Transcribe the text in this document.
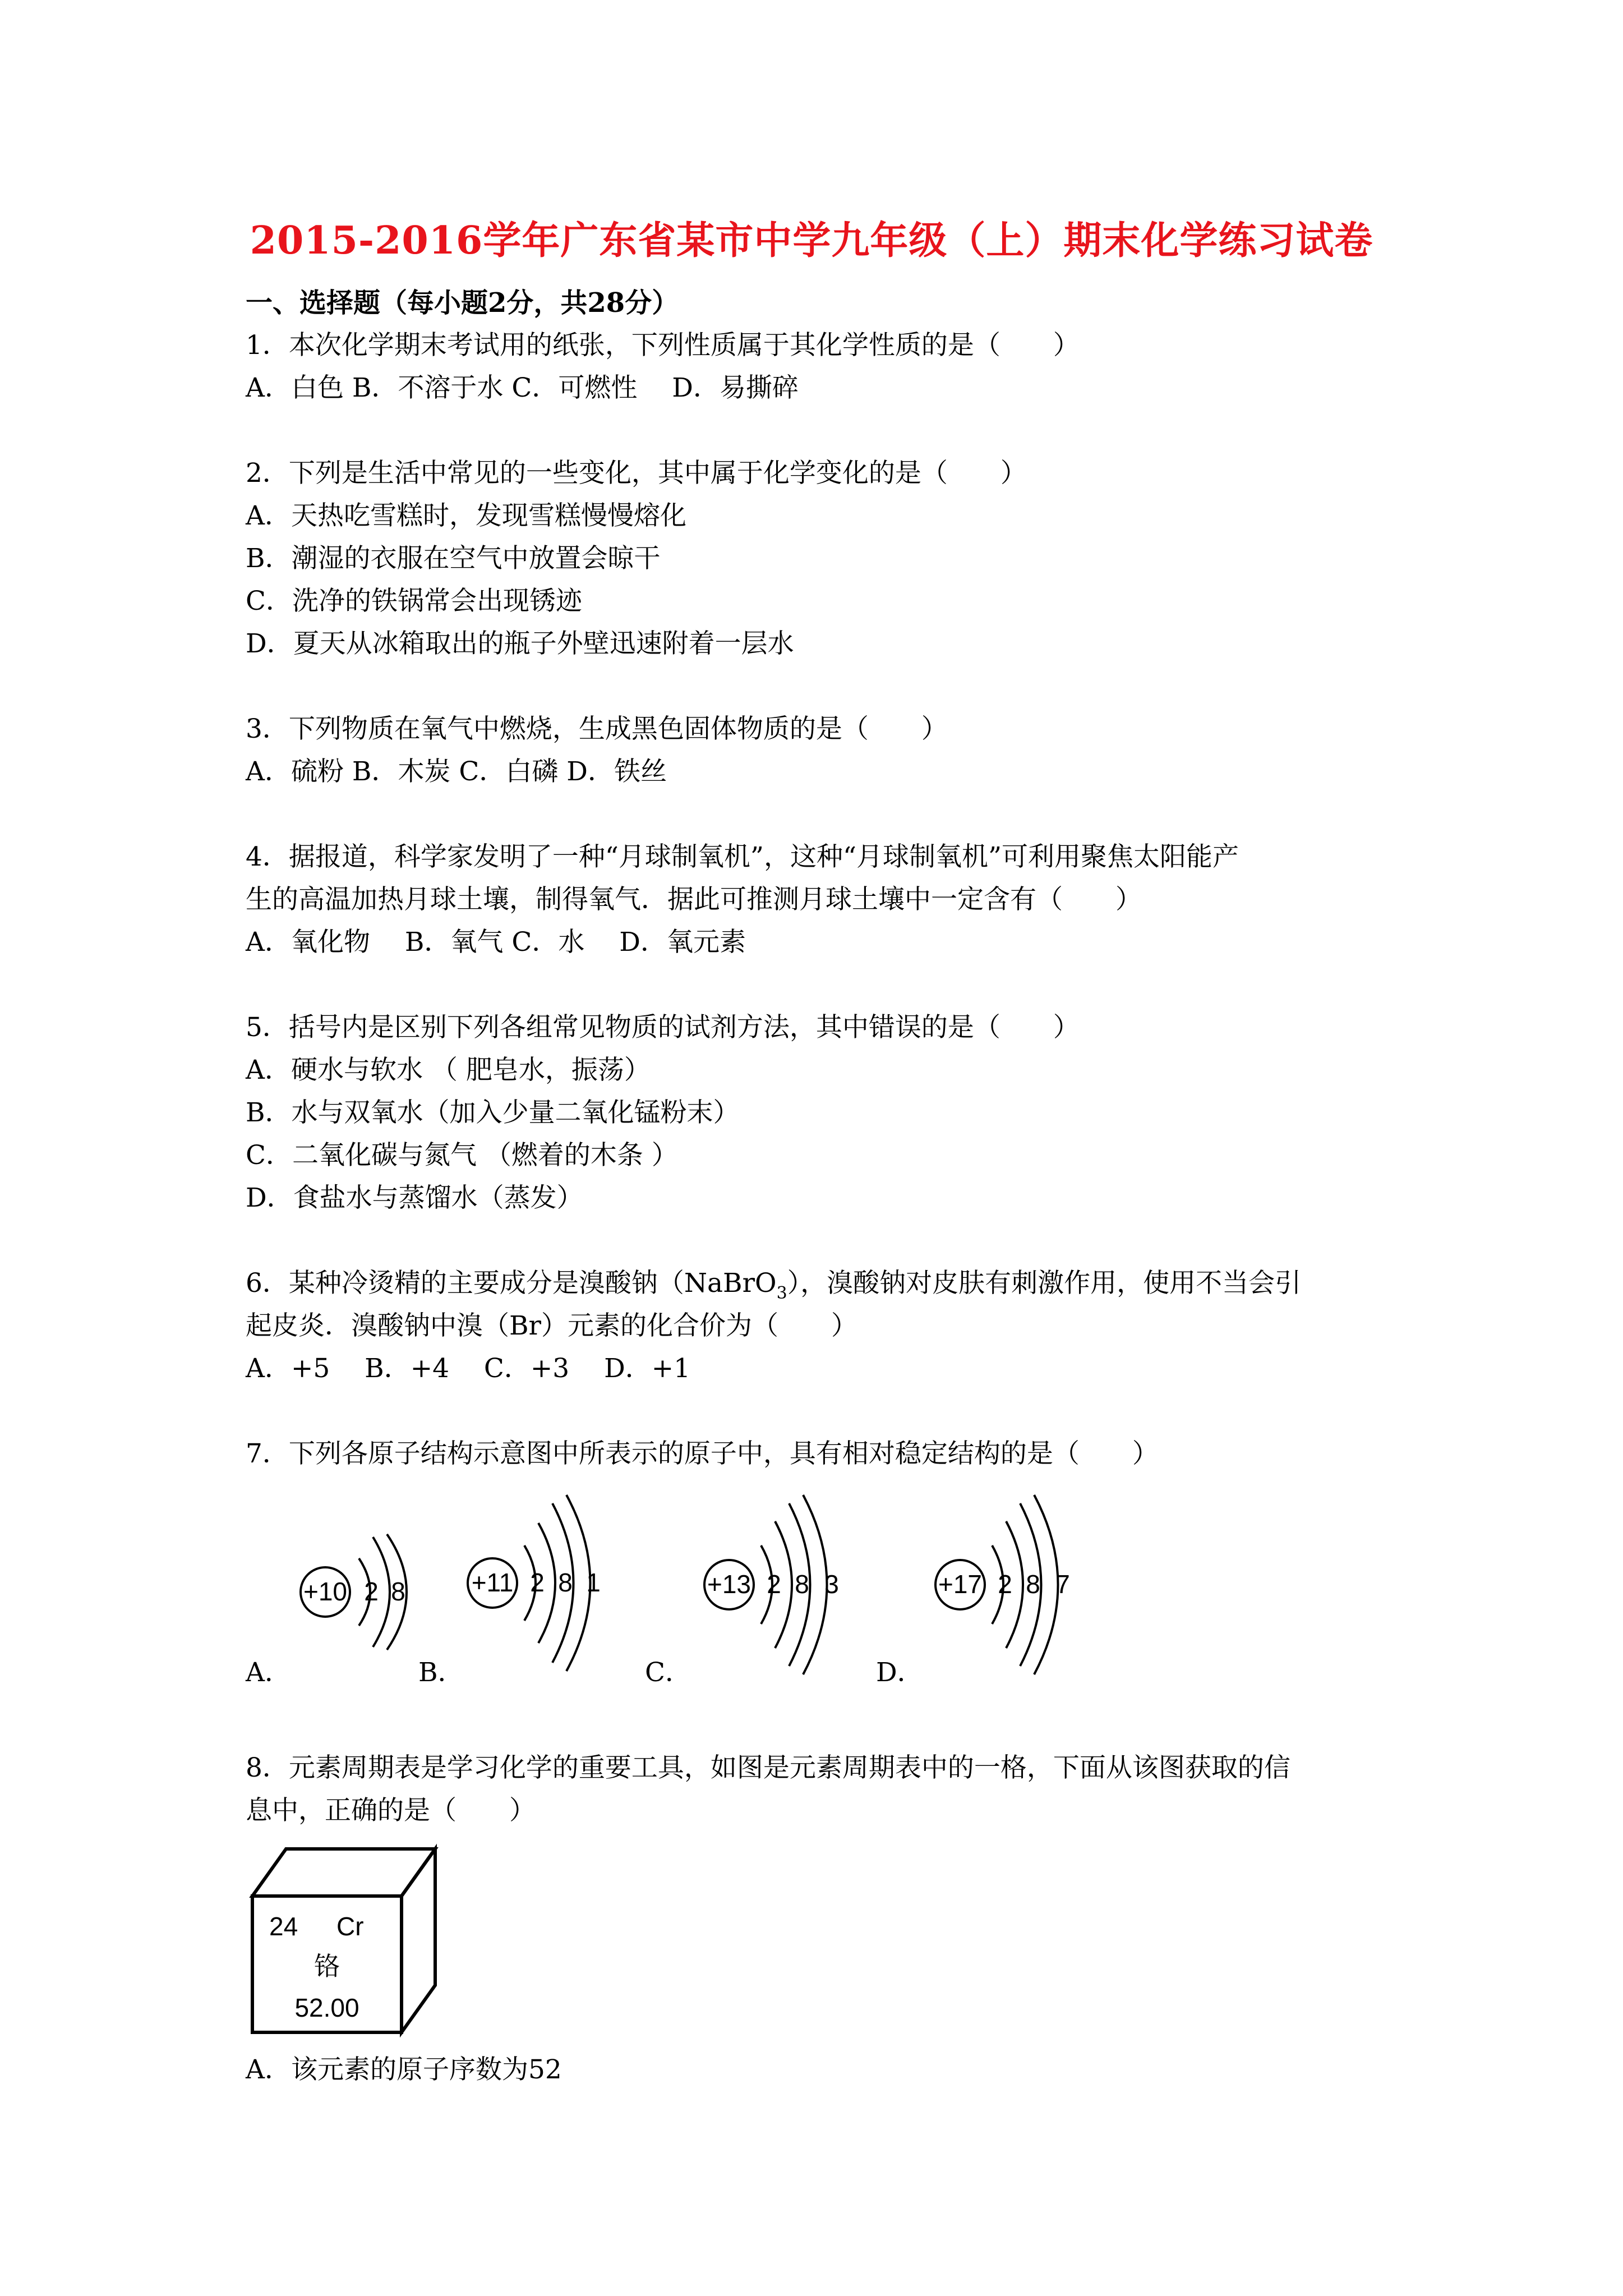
2015-2016学年广东省某市中学九年级（上）期末化学练习试卷
一、选择题（每小题2分，共28分）
1．本次化学期末考试用的纸张，下列性质属于其化学性质的是（　　）
A．白色 B．不溶于水 C．可燃性　 D．易撕碎
2．下列是生活中常见的一些变化，其中属于化学变化的是（　　）
A．天热吃雪糕时，发现雪糕慢慢熔化
B．潮湿的衣服在空气中放置会晾干
C．洗净的铁锅常会出现锈迹
D．夏天从冰箱取出的瓶子外壁迅速附着一层水
3．下列物质在氧气中燃烧，生成黑色固体物质的是（　　）
A．硫粉 B．木炭 C．白磷 D．铁丝
4．据报道，科学家发明了一种“月球制氧机”，这种“月球制氧机”可利用聚焦太阳能产
生的高温加热月球土壤，制得氧气．据此可推测月球土壤中一定含有（　　）
A．氧化物　 B．氧气 C．水　 D．氧元素
5．括号内是区别下列各组常见物质的试剂方法，其中错误的是（　　）
A．硬水与软水 （ 肥皂水，振荡）
B．水与双氧水（加入少量二氧化锰粉末）
C．二氧化碳与氮气 （燃着的木条 ）
D．食盐水与蒸馏水（蒸发）
6．某种冷烫精的主要成分是溴酸钠（NaBrO$_3$），溴酸钠对皮肤有刺激作用，使用不当会引
起皮炎．溴酸钠中溴（Br）元素的化合价为（　　）
A．+5　 B．+4　 C．+3　 D．+1
7．下列各原子结构示意图中所表示的原子中，具有相对稳定结构的是（　　）
+10 2 8	+11 2 8 1	+13 2 8 3	+17 2 8 7
24 Cr
铬
52.00
A．	B．	C．	D．
8．元素周期表是学习化学的重要工具，如图是元素周期表中的一格，下面从该图获取的信
息中，正确的是（　　）
A．该元素的原子序数为52
